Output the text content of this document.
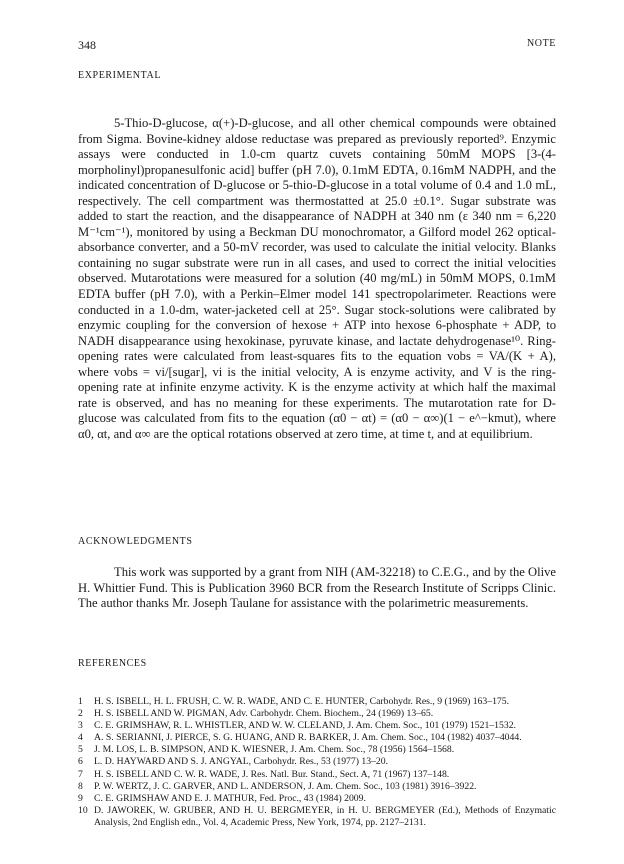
348	NOTE
EXPERIMENTAL

5-Thio-D-glucose, α(+)-D-glucose, and all other chemical compounds were obtained from Sigma. Bovine-kidney aldose reductase was prepared as previously reported⁹. Enzymic assays were conducted in 1.0-cm quartz cuvets containing 50mM MOPS [3-(4-morpholinyl)propanesulfonic acid] buffer (pH 7.0), 0.1mM EDTA, 0.16mM NADPH, and the indicated concentration of D-glucose or 5-thio-D-glucose in a total volume of 0.4 and 1.0 mL, respectively. The cell compartment was thermostatted at 25.0 ±0.1°. Sugar substrate was added to start the reaction, and the disappearance of NADPH at 340 nm (ε 340 nm = 6,220 M⁻¹cm⁻¹), monitored by using a Beckman DU monochromator, a Gilford model 262 optical-absorbance converter, and a 50-mV recorder, was used to calculate the initial velocity. Blanks containing no sugar substrate were run in all cases, and used to correct the initial velocities observed. Mutarotations were measured for a solution (40 mg/mL) in 50mM MOPS, 0.1mM EDTA buffer (pH 7.0), with a Perkin–Elmer model 141 spectropolarimeter. Reactions were conducted in a 1.0-dm, water-jacketed cell at 25°. Sugar stock-solutions were calibrated by enzymic coupling for the conversion of hexose + ATP into hexose 6-phosphate + ADP, to NADH disappearance using hexokinase, pyruvate kinase, and lactate dehydrogenase¹⁰. Ring-opening rates were calculated from least-squares fits to the equation vobs = VA/(K + A), where vobs = vi/[sugar], vi is the initial velocity, A is enzyme activity, and V is the ring-opening rate at infinite enzyme activity. K is the enzyme activity at which half the maximal rate is observed, and has no meaning for these experiments. The mutarotation rate for D-glucose was calculated from fits to the equation (α0 − αt) = (α0 − α∞)(1 − e^−kmut), where α0, αt, and α∞ are the optical rotations observed at zero time, at time t, and at equilibrium.

ACKNOWLEDGMENTS

This work was supported by a grant from NIH (AM-32218) to C.E.G., and by the Olive H. Whittier Fund. This is Publication 3960 BCR from the Research Institute of Scripps Clinic. The author thanks Mr. Joseph Taulane for assistance with the polarimetric measurements.

REFERENCES
1	H. S. ISBELL, H. L. FRUSH, C. W. R. WADE, AND C. E. HUNTER, Carbohydr. Res., 9 (1969) 163–175.
2	H. S. ISBELL AND W. PIGMAN, Adv. Carbohydr. Chem. Biochem., 24 (1969) 13–65.
3	C. E. GRIMSHAW, R. L. WHISTLER, AND W. W. CLELAND, J. Am. Chem. Soc., 101 (1979) 1521–1532.
4	A. S. SERIANNI, J. PIERCE, S. G. HUANG, AND R. BARKER, J. Am. Chem. Soc., 104 (1982) 4037–4044.
5	J. M. LOS, L. B. SIMPSON, AND K. WIESNER, J. Am. Chem. Soc., 78 (1956) 1564–1568.
6	L. D. HAYWARD AND S. J. ANGYAL, Carbohydr. Res., 53 (1977) 13–20.
7	H. S. ISBELL AND C. W. R. WADE, J. Res. Natl. Bur. Stand., Sect. A, 71 (1967) 137–148.
8	P. W. WERTZ, J. C. GARVER, AND L. ANDERSON, J. Am. Chem. Soc., 103 (1981) 3916–3922.
9	C. E. GRIMSHAW AND E. J. MATHUR, Fed. Proc., 43 (1984) 2009.
10 D. JAWOREK, W. GRUBER, AND H. U. BERGMEYER, in H. U. BERGMEYER (Ed.), Methods of Enzymatic Analysis, 2nd English edn., Vol. 4, Academic Press, New York, 1974, pp. 2127–2131.
